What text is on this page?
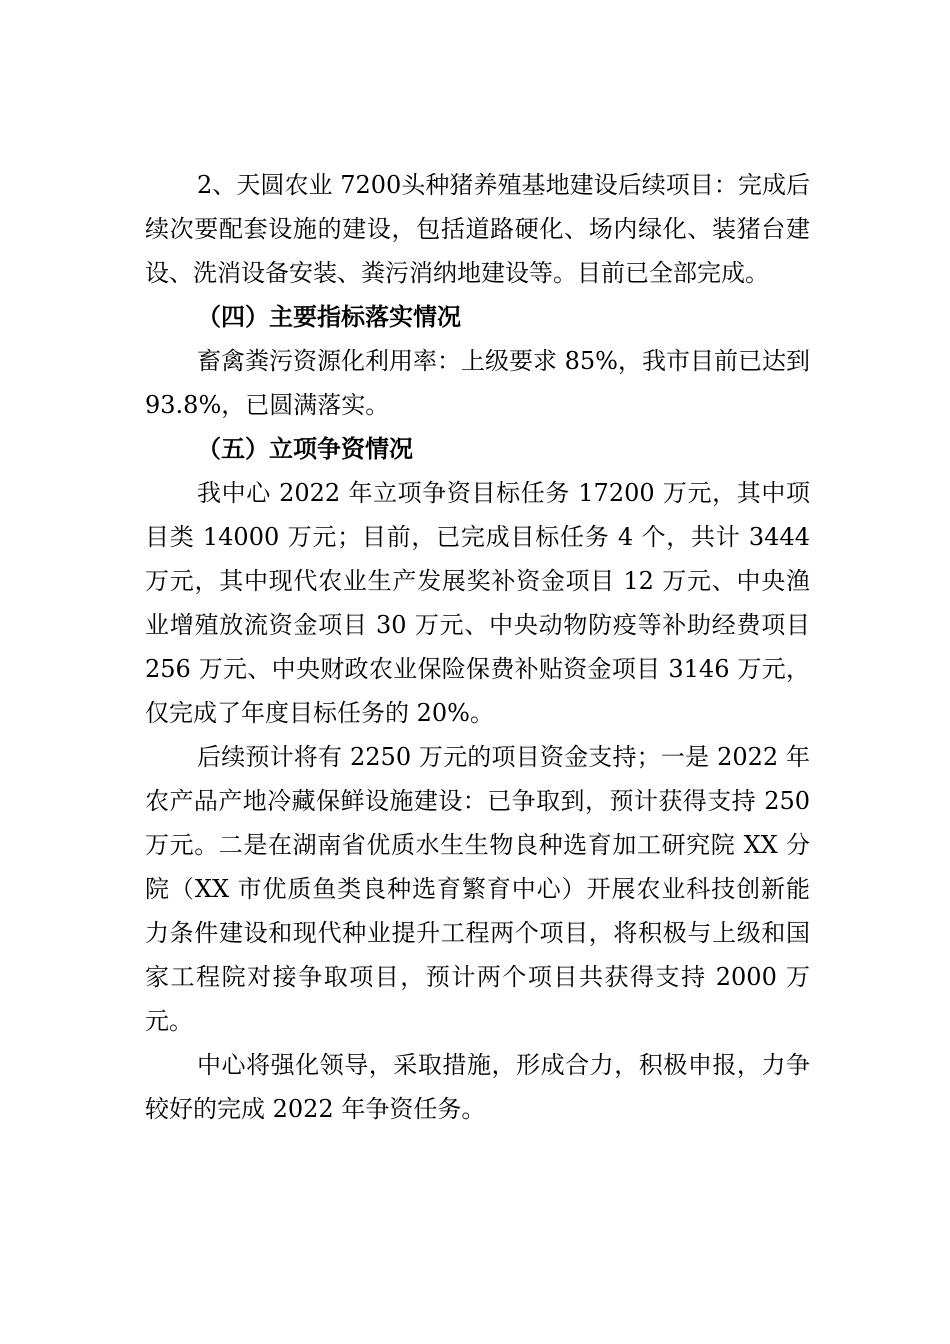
2、天圆农业 7200头种猪养殖基地建设后续项目：完成后续次要配套设施的建设，包括道路硬化、场内绿化、装猪台建设、洗消设备安装、粪污消纳地建设等。目前已全部完成。

（四）主要指标落实情况

畜禽粪污资源化利用率：上级要求 85%，我市目前已达到 93.8%，已圆满落实。

（五）立项争资情况

我中心 2022 年立项争资目标任务 17200 万元，其中项目类 14000 万元；目前，已完成目标任务 4 个，共计 3444 万元，其中现代农业生产发展奖补资金项目 12 万元、中央渔业增殖放流资金项目 30 万元、中央动物防疫等补助经费项目 256 万元、中央财政农业保险保费补贴资金项目 3146 万元，仅完成了年度目标任务的 20%。

后续预计将有 2250 万元的项目资金支持；一是 2022 年农产品产地冷藏保鲜设施建设：已争取到，预计获得支持 250 万元。二是在湖南省优质水生生物良种选育加工研究院 XX 分院（XX 市优质鱼类良种选育繁育中心）开展农业科技创新能力条件建设和现代种业提升工程两个项目，将积极与上级和国家工程院对接争取项目，预计两个项目共获得支持 2000 万元。

中心将强化领导，采取措施，形成合力，积极申报，力争较好的完成 2022 年争资任务。
